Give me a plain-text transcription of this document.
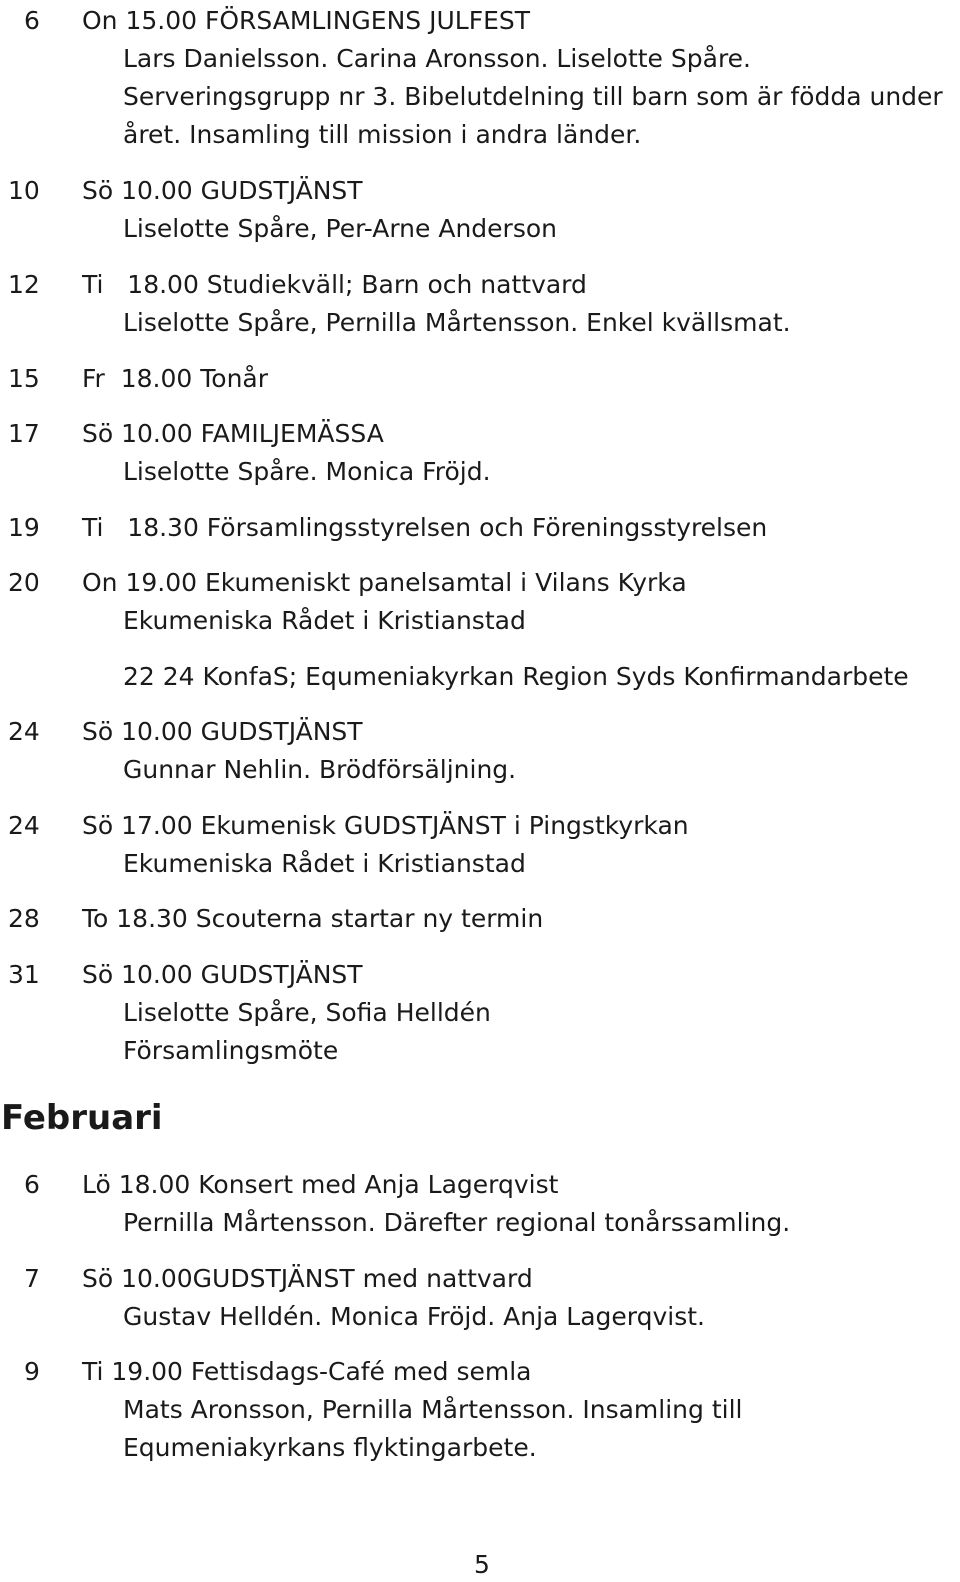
6 On 15.00 FÖRSAMLINGENS JULFEST
Lars Danielsson. Carina Aronsson. Liselotte Spåre.
Serveringsgrupp nr 3. Bibelutdelning till barn som är födda under
året. Insamling till mission i andra länder.
10 Sö 10.00 GUDSTJÄNST
Liselotte Spåre, Per-Arne Anderson
12 Ti   18.00 Studiekväll; Barn och nattvard
Liselotte Spåre, Pernilla Mårtensson. Enkel kvällsmat.
15 Fr  18.00 Tonår
17 Sö 10.00 FAMILJEMÄSSA
Liselotte Spåre. Monica Fröjd.
19 Ti   18.30 Församlingsstyrelsen och Föreningsstyrelsen
20 On 19.00 Ekumeniskt panelsamtal i Vilans Kyrka
Ekumeniska Rådet i Kristianstad
22 24 KonfaS; Equmeniakyrkan Region Syds Konfirmandarbete
24 Sö 10.00 GUDSTJÄNST
Gunnar Nehlin. Brödförsäljning.
24 Sö 17.00 Ekumenisk GUDSTJÄNST i Pingstkyrkan
Ekumeniska Rådet i Kristianstad
28 To 18.30 Scouterna startar ny termin
31 Sö 10.00 GUDSTJÄNST
Liselotte Spåre, Sofia Helldén
Församlingsmöte
Februari
6 Lö 18.00 Konsert med Anja Lagerqvist
Pernilla Mårtensson. Därefter regional tonårssamling.
7 Sö 10.00GUDSTJÄNST med nattvard
Gustav Helldén. Monica Fröjd. Anja Lagerqvist.
9 Ti 19.00 Fettisdags-Café med semla
Mats Aronsson, Pernilla Mårtensson. Insamling till
Equmeniakyrkans flyktingarbete.
5
